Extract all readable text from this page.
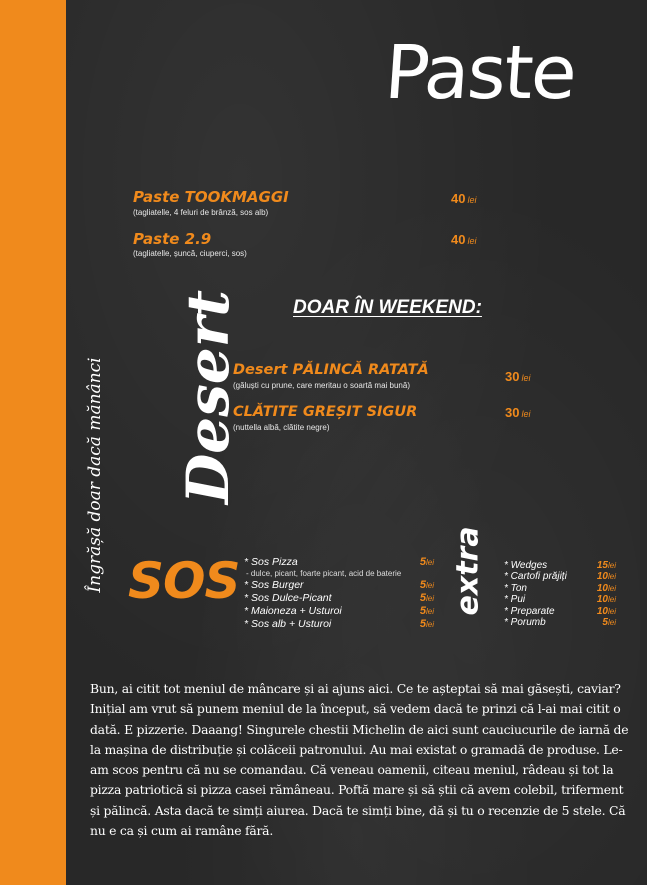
Paste
Paste TOOKMAGGI
(tagliatelle, 4 feluri de brânză, sos alb)
40 lei
Paste 2.9
(tagliatelle, șuncă, ciuperci, sos)
40 lei
DOAR ÎN WEEKEND:
Desert
Îngrășă doar dacă mănânci	Desert PĂLINCĂ RATATĂ
(găluști cu prune, care meritau o soartă mai bună)
30 lei
CLĂTITE GREȘIT SIGUR
(nuttella albă, clătite negre)
30 lei
SOS * Sos Pizza	5lei
- dulce, picant, foarte picant, acid de baterie
* Sos Burger	5lei
* Sos Dulce-Picant	5lei
* Maioneza + Usturoi	5lei
* Sos alb + Usturoi	5lei
extra * Wedges	15lei
* Cartofi prăjiți	10lei
* Ton	10lei
* Pui	10lei
* Preparate	10lei
* Porumb	5lei
Bun, ai citit tot meniul de mâncare și ai ajuns aici. Ce te așteptai să mai găsești, caviar? Inițial am vrut să punem meniul de la început, să vedem dacă te prinzi că l-ai mai citit o dată. E pizzerie. Daaang! Singurele chestii Michelin de aici sunt cauciucurile de iarnă de la mașina de distribuție și colăceii patronului. Au mai existat o gramadă de produse. Le-am scos pentru că nu se comandau. Că veneau oamenii, citeau meniul, râdeau și tot la pizza patriotică si pizza casei rămâneau. Poftă mare și să știi că avem colebil, triferment și pălincă. Asta dacă te simți aiurea. Dacă te simți bine, dă și tu o recenzie de 5 stele. Că nu e ca și cum ai ramâne fără.
